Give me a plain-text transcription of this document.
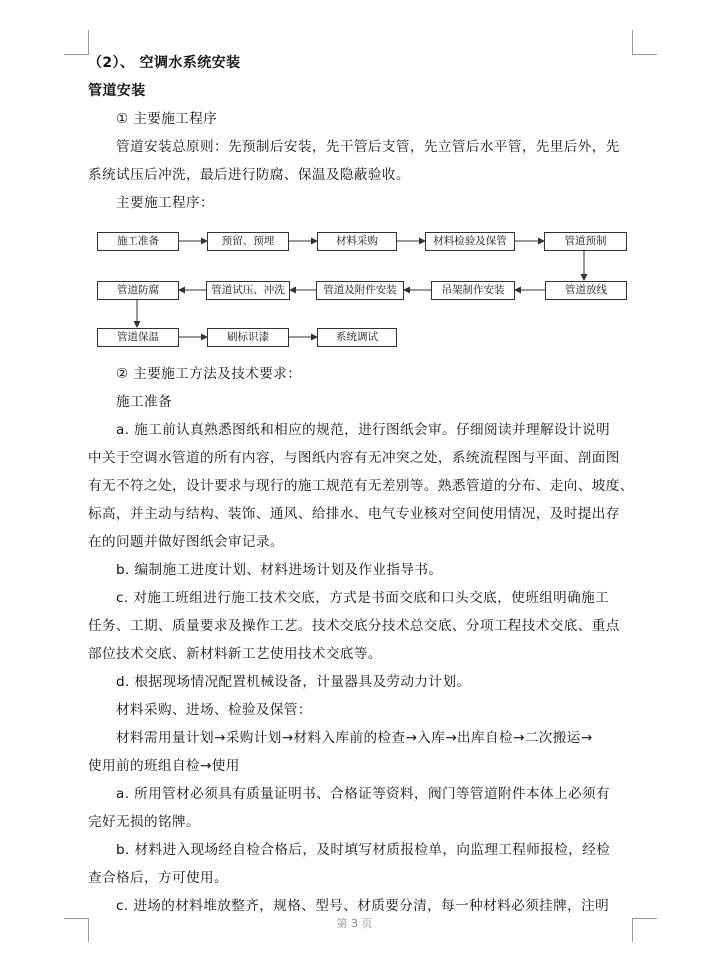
（2）、 空调水系统安装
管道安装
① 主要施工程序
管道安装总原则：先预制后安装，先干管后支管，先立管后水平管，先里后外，先
系统试压后冲洗，最后进行防腐、保温及隐蔽验收。
主要施工程序：
施工准备	预留、预埋	材料采购	材料检验及保管	管道预制
管道放线
吊架制作安装
管道及附件安装
管道试压、冲洗
管道防腐
管道保温	刷标识漆	系统调试
② 主要施工方法及技术要求：
施工准备
a. 施工前认真熟悉图纸和相应的规范，进行图纸会审。仔细阅读并理解设计说明
中关于空调水管道的所有内容，与图纸内容有无冲突之处，系统流程图与平面、剖面图
有无不符之处，设计要求与现行的施工规范有无差别等。熟悉管道的分布、走向、坡度、
标高，并主动与结构、装饰、通风、给排水、电气专业核对空间使用情况，及时提出存
在的问题并做好图纸会审记录。
b. 编制施工进度计划、材料进场计划及作业指导书。
c. 对施工班组进行施工技术交底，方式是书面交底和口头交底，使班组明确施工
任务、工期、质量要求及操作工艺。技术交底分技术总交底、分项工程技术交底、重点
部位技术交底、新材料新工艺使用技术交底等。
d. 根据现场情况配置机械设备，计量器具及劳动力计划。
材料采购、进场、检验及保管：
材料需用量计划→采购计划→材料入库前的检查→入库→出库自检→二次搬运→
使用前的班组自检→使用
a. 所用管材必须具有质量证明书、合格证等资料，阀门等管道附件本体上必须有
完好无损的铭牌。
b. 材料进入现场经自检合格后，及时填写材质报检单，向监理工程师报检，经检
查合格后，方可使用。
c. 进场的材料堆放整齐，规格、型号、材质要分清，每一种材料必须挂牌，注明
第 3 页
